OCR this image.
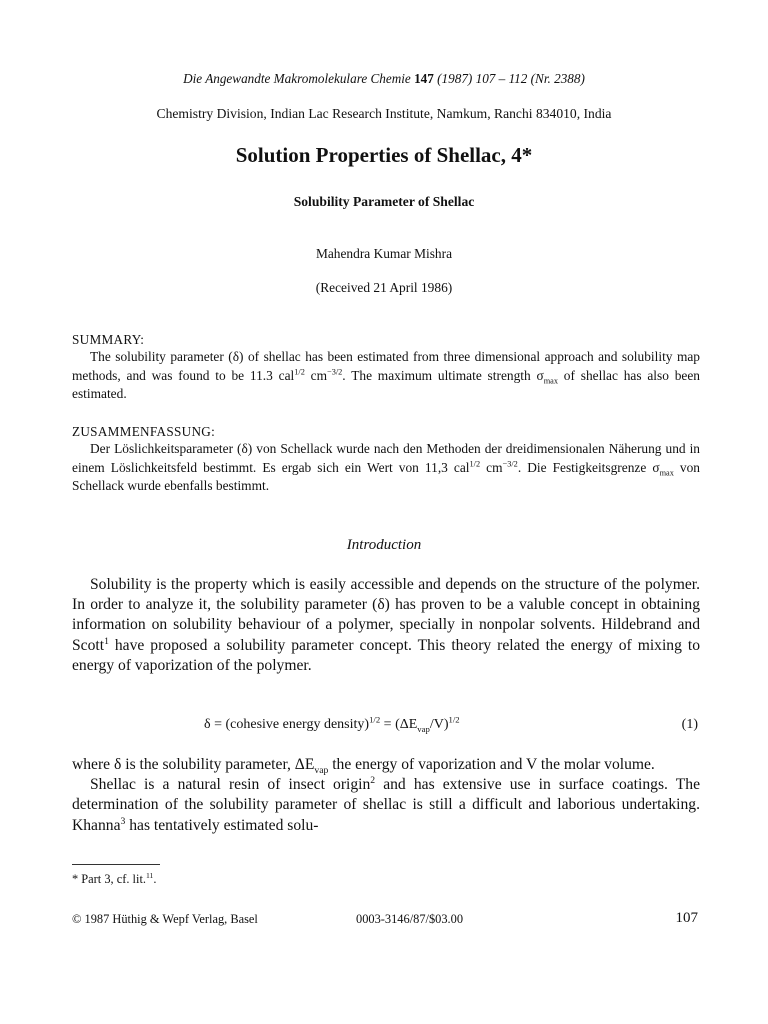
Die Angewandte Makromolekulare Chemie 147 (1987) 107 – 112 (Nr. 2388)
Chemistry Division, Indian Lac Research Institute, Namkum, Ranchi 834010, India
Solution Properties of Shellac, 4*
Solubility Parameter of Shellac
Mahendra Kumar Mishra
(Received 21 April 1986)
SUMMARY:

The solubility parameter (δ) of shellac has been estimated from three dimensional approach and solubility map methods, and was found to be 11.3 cal$^{1/2}$ $cm^{-3/2}$. The maximum ultimate strength $\sigma_{max}$ of shellac has also been estimated.

ZUSAMMENFASSUNG:

Der Löslichkeitsparameter (δ) von Schellack wurde nach den Methoden der dreidimensionalen Näherung und in einem Löslichkeitsfeld bestimmt. Es ergab sich ein Wert von 11,3 cal$^{1/2}$ $cm^{-3/2}$. Die Festigkeitsgrenze $\sigma_{max}$ von Schellack wurde ebenfalls bestimmt.

Introduction

Solubility is the property which is easily accessible and depends on the structure of the polymer. In order to analyze it, the solubility parameter (δ) has proven to be a valuble concept in obtaining information on solubility behaviour of a polymer, specially in nonpolar solvents. Hildebrand and Scott$^1$ have proposed a solubility parameter concept. This theory related the energy of mixing to energy of vaporization of the polymer.

δ = (cohesive energy density)$^{1/2}$ = $(\Delta E_{vap}/V)^{1/2}$	(1)

where δ is the solubility parameter, $\Delta E_{vap}$ the energy of vaporization and V the molar volume.

Shellac is a natural resin of insect origin$^2$ and has extensive use in surface coatings. The determination of the solubility parameter of shellac is still a difficult and laborious undertaking. Khanna$^3$ has tentatively estimated solu-

* Part 3, cf. lit.$^{11}$.
© 1987 Hüthig & Wepf Verlag, Basel	0003-3146/87/$03.00	107
